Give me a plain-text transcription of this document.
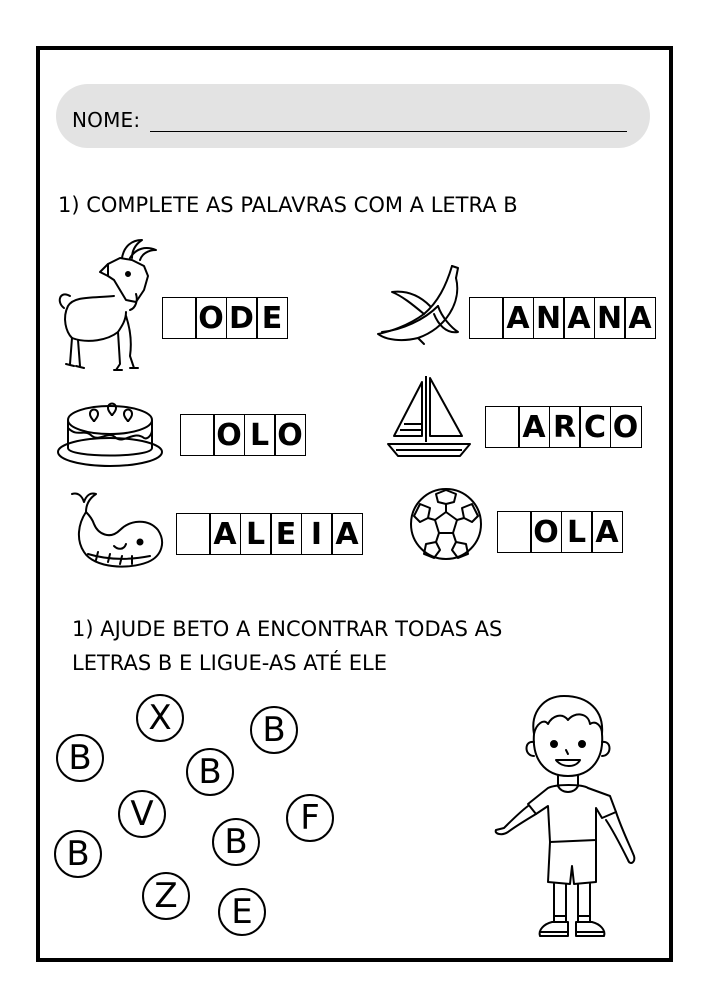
NOME:
1) COMPLETE AS PALAVRAS COM A LETRA B
O D E	A N A N A
O L O	A R C O
A L E I A	O L A
1) AJUDE BETO A ENCONTRAR TODAS AS
LETRAS B E LIGUE-AS ATÉ ELE
B
X	B
B
V	F
B	B
Z	E
